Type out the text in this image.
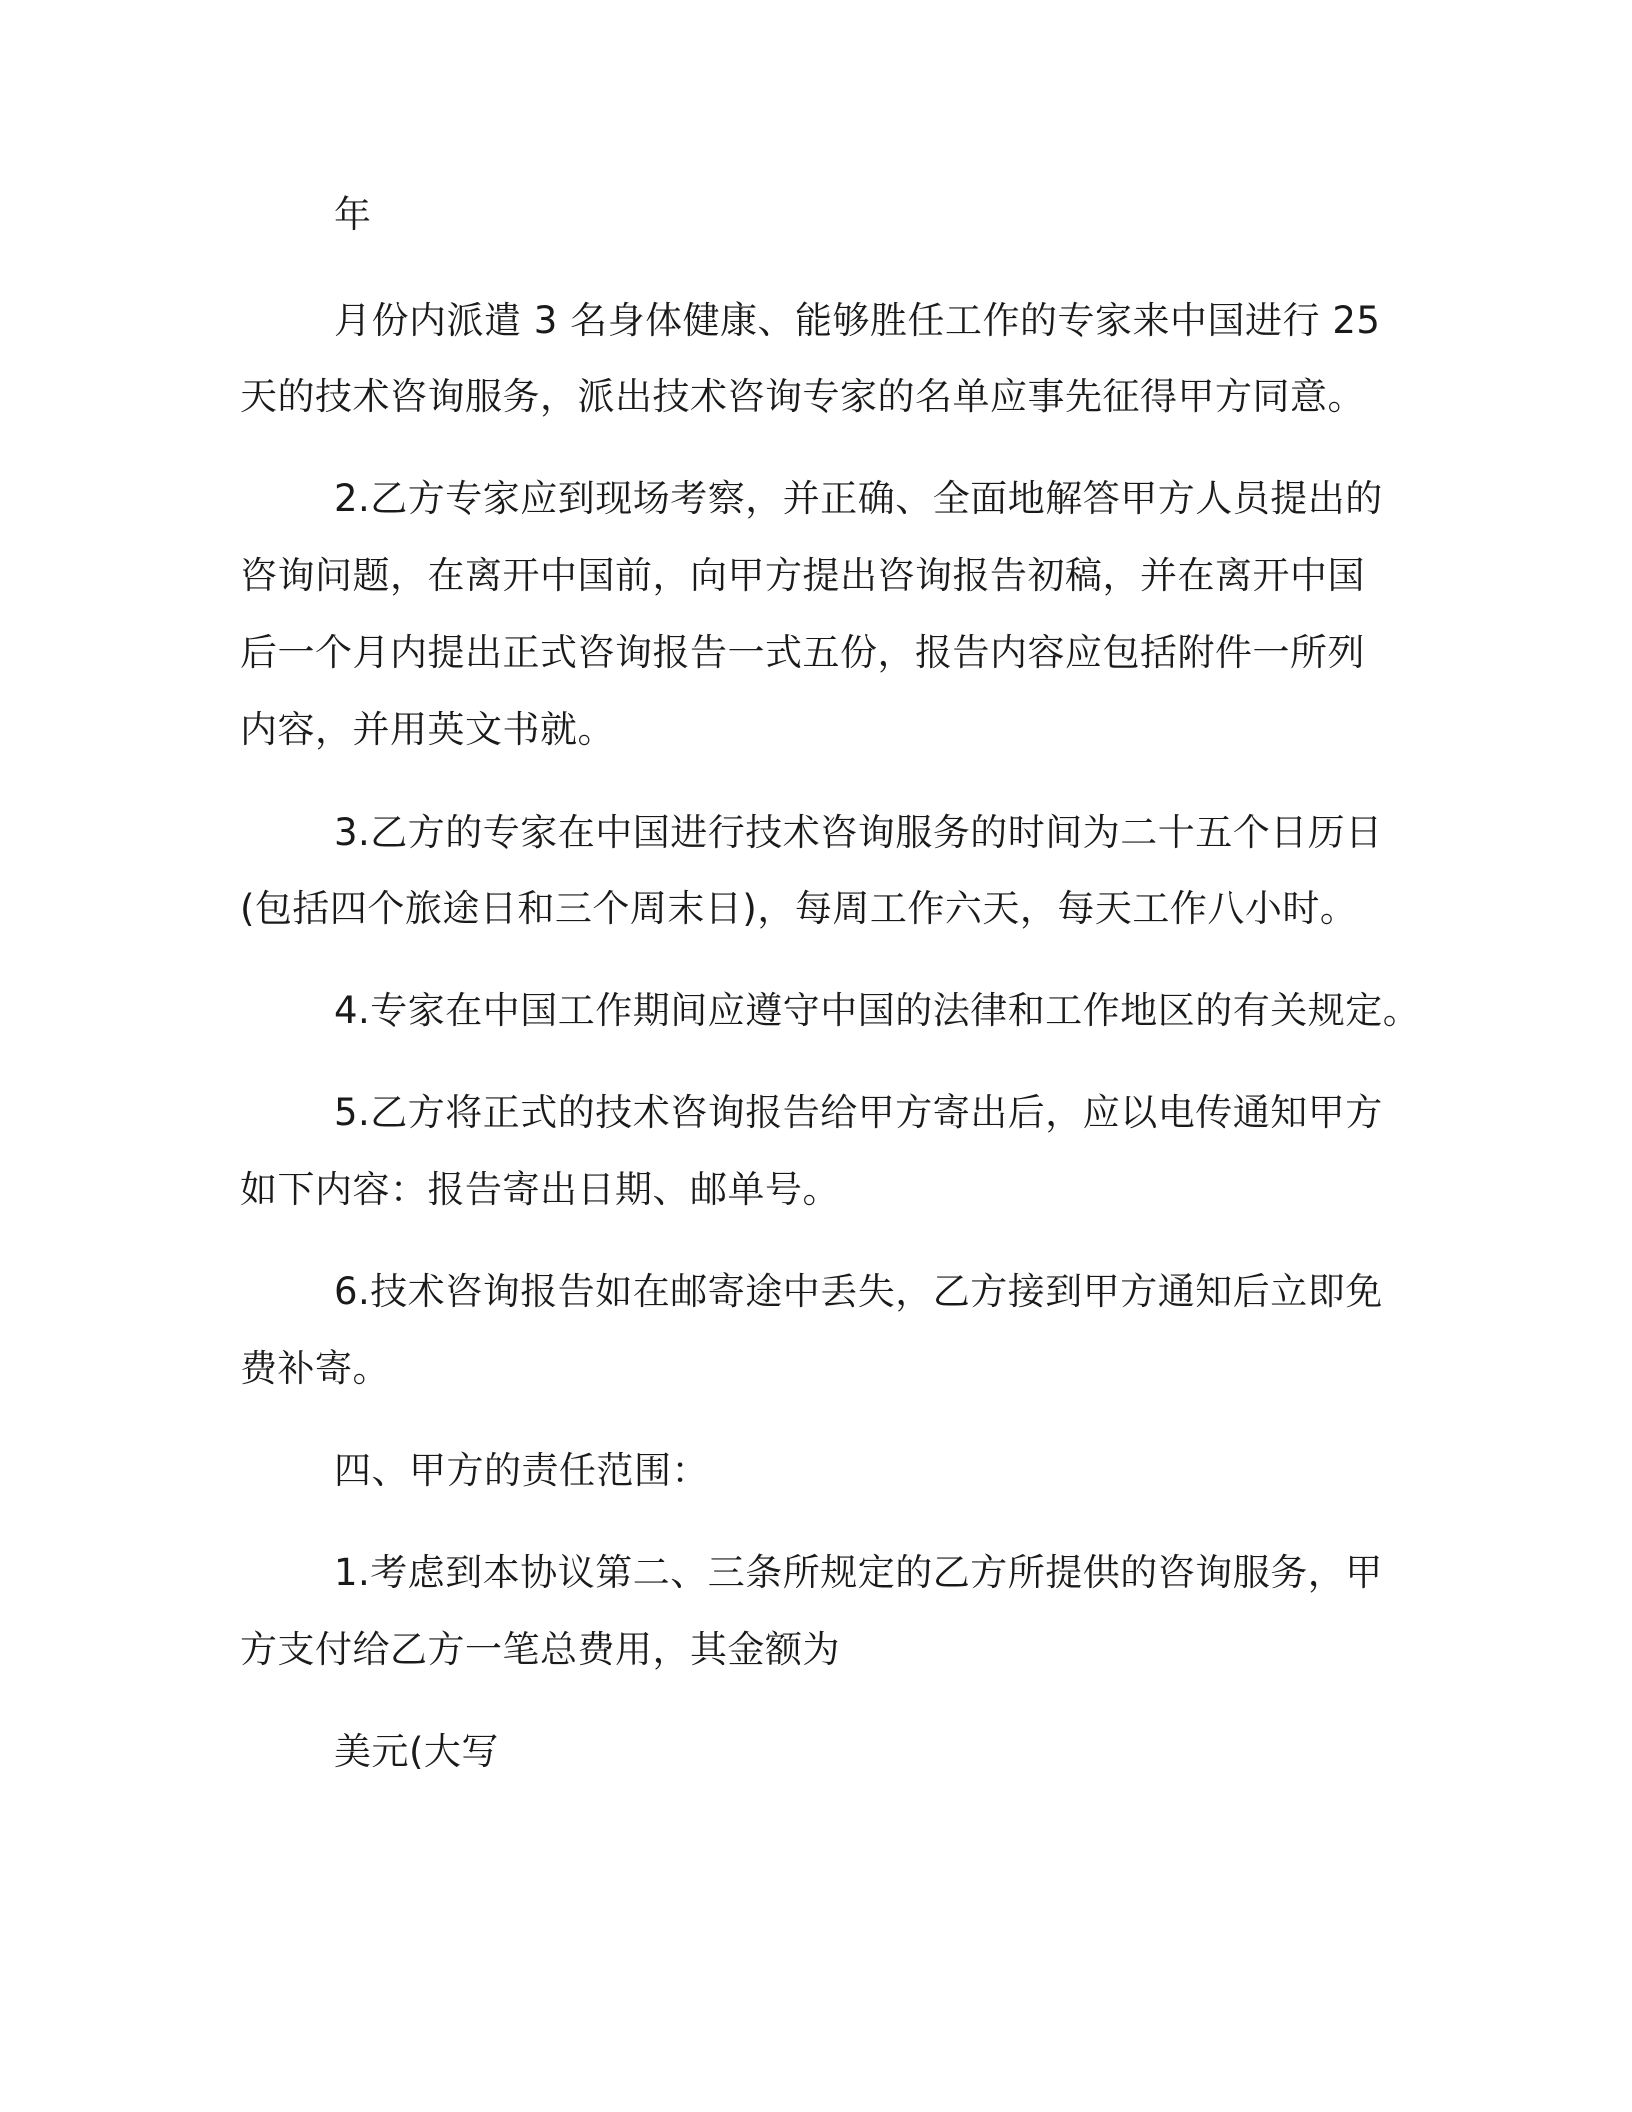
年
月份内派遣 3 名身体健康、能够胜任工作的专家来中国进行 25
天的技术咨询服务，派出技术咨询专家的名单应事先征得甲方同意。
2.乙方专家应到现场考察，并正确、全面地解答甲方人员提出的
咨询问题，在离开中国前，向甲方提出咨询报告初稿，并在离开中国
后一个月内提出正式咨询报告一式五份，报告内容应包括附件一所列
内容，并用英文书就。
3.乙方的专家在中国进行技术咨询服务的时间为二十五个日历日
(包括四个旅途日和三个周末日)，每周工作六天，每天工作八小时。
4.专家在中国工作期间应遵守中国的法律和工作地区的有关规定。
5.乙方将正式的技术咨询报告给甲方寄出后，应以电传通知甲方
如下内容：报告寄出日期、邮单号。
6.技术咨询报告如在邮寄途中丢失，乙方接到甲方通知后立即免
费补寄。
四、甲方的责任范围：
1.考虑到本协议第二、三条所规定的乙方所提供的咨询服务，甲
方支付给乙方一笔总费用，其金额为
美元(大写
